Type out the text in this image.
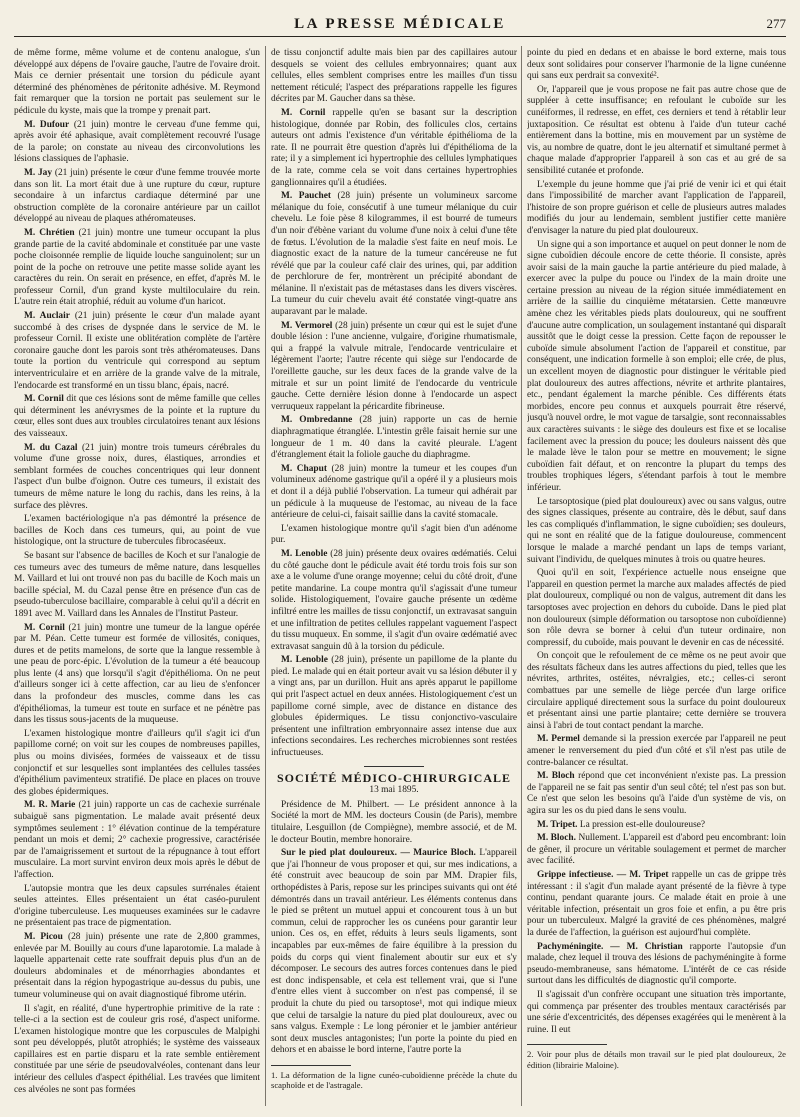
LA PRESSE MÉDICALE	277

de même forme, même volume et de contenu analogue, s'un développé aux dépens de l'ovaire gauche, l'autre de l'ovaire droit. Mais ce dernier présentait une torsion du pédicule ayant déterminé des phénomènes de péritonite adhésive. M. Reymond fait remarquer que la torsion ne portait pas seulement sur le pédicule du kyste, mais que la trompe y prenait part.

M. Dufour (21 juin) montre le cerveau d'une femme qui, après avoir été aphasique, avait complètement recouvré l'usage de la parole; on constate au niveau des circonvolutions les lésions classiques de l'aphasie.

M. Jay (21 juin) présente le cœur d'une femme trouvée morte dans son lit. La mort était due à une rupture du cœur, rupture secondaire à un infarctus cardiaque déterminé par une obstruction complète de la coronaire antérieure par un caillot développé au niveau de plaques athéromateuses.

M. Chrétien (21 juin) montre une tumeur occupant la plus grande partie de la cavité abdominale et constituée par une vaste poche cloisonnée remplie de liquide louche sanguinolent; sur un point de la poche on retrouve une petite masse solide ayant les caractères du rein. On serait en présence, en effet, d'après M. le professeur Cornil, d'un grand kyste multiloculaire du rein. L'autre rein était atrophié, réduit au volume d'un haricot.

M. Auclair (21 juin) présente le cœur d'un malade ayant succombé à des crises de dyspnée dans le service de M. le professeur Cornil. Il existe une oblitération complète de l'artère coronaire gauche dont les parois sont très athéromateuses. Dans toute la portion du ventricule qui correspond au septum interventriculaire et en arrière de la grande valve de la mitrale, l'endocarde est transformé en un tissu blanc, épais, nacré.

M. Cornil dit que ces lésions sont de même famille que celles qui déterminent les anévrysmes de la pointe et la rupture du cœur, elles sont dues aux troubles circulatoires tenant aux lésions des vaisseaux.

M. du Cazal (21 juin) montre trois tumeurs cérébrales du volume d'une grosse noix, dures, élastiques, arrondies et semblant formées de couches concentriques qui leur donnent l'aspect d'un bulbe d'oignon. Outre ces tumeurs, il existait des tumeurs de même nature le long du rachis, dans les reins, à la surface des plèvres.

L'examen bactériologique n'a pas démontré la présence de bacilles de Koch dans ces tumeurs, qui, au point de vue histologique, ont la structure de tubercules fibrocaséeux.

Se basant sur l'absence de bacilles de Koch et sur l'analogie de ces tumeurs avec des tumeurs de même nature, dans lesquelles M. Vaillard et lui ont trouvé non pas du bacille de Koch mais un bacille spécial, M. du Cazal pense être en présence d'un cas de pseudo-tuberculose bacillaire, comparable à celui qu'il a décrit en 1891 avec M. Vaillard dans les Annales de l'Institut Pasteur.

M. Cornil (21 juin) montre une tumeur de la langue opérée par M. Péan. Cette tumeur est formée de villosités, coniques, dures et de petits mamelons, de sorte que la langue ressemble à une peau de porc-épic. L'évolution de la tumeur a été beaucoup plus lente (4 ans) que lorsqu'il s'agit d'épithélioma. On ne peut d'ailleurs songer ici à cette affection, car au lieu de s'enfoncer dans la profondeur des muscles, comme dans les cas d'épithéliomas, la tumeur est toute en surface et ne pénètre pas dans les tissus sous-jacents de la muqueuse.

L'examen histologique montre d'ailleurs qu'il s'agit ici d'un papillome corné; on voit sur les coupes de nombreuses papilles, plus ou moins divisées, formées de vaisseaux et de tissu conjonctif et sur lesquelles sont implantées des cellules tassées d'épithélium pavimenteux stratifié. De place en places on trouve des globes épidermiques.

M. R. Marie (21 juin) rapporte un cas de cachexie surrénale subaiguë sans pigmentation. Le malade avait présenté deux symptômes seulement : 1° élévation continue de la température pendant un mois et demi; 2° cachexie progressive, caractérisée par de l'amaigrissement et surtout de la répugnance à tout effort musculaire. La mort survint environ deux mois après le début de l'affection.

L'autopsie montra que les deux capsules surrénales étaient seules atteintes. Elles présentaient un état caséo-purulent d'origine tuberculeuse. Les muqueuses examinées sur le cadavre ne présentaient pas trace de pigmentation.

M. Picou (28 juin) présente une rate de 2,800 grammes, enlevée par M. Bouilly au cours d'une laparotomie. La malade à laquelle appartenait cette rate souffrait depuis plus d'un an de douleurs abdominales et de ménorrhagies abondantes et présentait dans la région hypogastrique au-dessus du pubis, une tumeur volumineuse qui on avait diagnostiqué fibrome utérin.

Il s'agit, en réalité, d'une hypertrophie primitive de la rate : telle-ci a la section est de couleur gris rosé, d'aspect uniforme. L'examen histologique montre que les corpuscules de Malpighi sont peu développés, plutôt atrophiés; le système des vaisseaux capillaires est en partie disparu et la rate semble entièrement constituée par une série de pseudovalvéoles, contenant dans leur intérieur des cellules d'aspect épithélial. Les travées que limitent ces alvéoles ne sont pas formées

de tissu conjonctif adulte mais bien par des capillaires autour desquels se voient des cellules embryonnaires; quant aux cellules, elles semblent comprises entre les mailles d'un tissu nettement réticulé; l'aspect des préparations rappelle les figures décrites par M. Gaucher dans sa thèse.

M. Cornil rappelle qu'en se basant sur la description histologique, donnée par Robin, des follicules clos, certains auteurs ont admis l'existence d'un véritable épithélioma de la rate. Il ne pourrait être question d'après lui d'épithélioma de la rate; il y a simplement ici hypertrophie des cellules lymphatiques de la rate, comme cela se voit dans certaines hypertrophies ganglionnaires qu'il a étudiées.

M. Pauchet (28 juin) présente un volumineux sarcome mélanique du foie, consécutif à une tumeur mélanique du cuir chevelu. Le foie pèse 8 kilogrammes, il est bourré de tumeurs d'un noir d'ébène variant du volume d'une noix à celui d'une tête de fœtus. L'évolution de la maladie s'est faite en neuf mois. Le diagnostic exact de la nature de la tumeur cancéreuse ne fut révélé que par la couleur café clair des urines, qui, par addition de perchlorure de fer, montrèrent un précipité abondant de mélanine. Il n'existait pas de métastases dans les divers viscères. La tumeur du cuir chevelu avait été constatée vingt-quatre ans auparavant par le malade.

M. Vermorel (28 juin) présente un cœur qui est le sujet d'une double lésion : l'une ancienne, vulgaire, d'origine rhumatismale, qui a frappé la valvule mitrale, l'endocarde ventriculaire et légèrement l'aorte; l'autre récente qui siège sur l'endocarde de l'oreillette gauche, sur les deux faces de la grande valve de la mitrale et sur un point limité de l'endocarde du ventricule gauche. Cette dernière lésion donne à l'endocarde un aspect verruqueux rappelant la péricardite fibrineuse.

M. Ombredanne (28 juin) rapporte un cas de hernie diaphragmatique étranglée. L'intestin grêle faisait hernie sur une longueur de 1 m. 40 dans la cavité pleurale. L'agent d'étranglement était la foliole gauche du diaphragme.

M. Chaput (28 juin) montre la tumeur et les coupes d'un volumineux adénome gastrique qu'il a opéré il y a plusieurs mois et dont il a déjà publié l'observation. La tumeur qui adhérait par un pédicule à la muqueuse de l'estomac, au niveau de la face antérieure de celui-ci, faisait saillie dans la cavité stomacale.

L'examen histologique montre qu'il s'agit bien d'un adénome pur.

M. Lenoble (28 juin) présente deux ovaires œdématiés. Celui du côté gauche dont le pédicule avait été tordu trois fois sur son axe a le volume d'une orange moyenne; celui du côté droit, d'une petite mandarine. La coupe montra qu'il s'agissait d'une tumeur solide. Histologiquement, l'ovaire gauche présente un œdème infiltré entre les mailles de tissu conjonctif, un extravasat sanguin et une infiltration de petites cellules rappelant vaguement l'aspect du tissu muqueux. En somme, il s'agit d'un ovaire œdématié avec extravasat sanguin dû à la torsion du pédicule.

M. Lenoble (28 juin), présente un papillome de la plante du pied. Le malade qui en était porteur avait vu sa lésion débuter il y a vingt ans, par un durillon. Huit ans après apparut le papillome qui prit l'aspect actuel en deux années. Histologiquement c'est un papillome corné simple, avec de distance en distance des globules épidermiques. Le tissu conjonctivo-vasculaire présentent une infiltration embryonnaire assez intense due aux infections secondaires. Les recherches microbiennes sont restées infructueuses.

SOCIÉTÉ MÉDICO-CHIRURGICALE
13 mai 1895.

Présidence de M. Philbert. — Le président annonce à la Société la mort de MM. les docteurs Cousin (de Paris), membre titulaire, Lesguillon (de Compiègne), membre associé, et de M. le docteur Boutin, membre honoraire.

Sur le pied plat douloureux. — Maurice Bloch. L'appareil que j'ai l'honneur de vous proposer et qui, sur mes indications, a été construit avec beaucoup de soin par MM. Drapier fils, orthopédistes à Paris, repose sur les principes suivants qui ont été démontrés dans un travail antérieur. Les éléments contenus dans le pied se prêtent un mutuel appui et concourent tous à un but commun, celui de rapprocher les os cunéens pour garantir leur union. Ces os, en effet, réduits à leurs seuls ligaments, sont incapables par eux-mêmes de faire équilibre à la pression du poids du corps qui vient finalement aboutir sur eux et s'y décomposer. Le secours des autres forces contenues dans le pied est donc indispensable, et cela est tellement vrai, que si l'une d'entre elles vient à succomber on n'est pas compensé, il se produit la chute du pied ou tarsoptose¹, mot qui indique mieux que celui de tarsalgie la nature du pied plat douloureux, avec ou sans valgus. Exemple : Le long péronier et le jambier antérieur sont deux muscles antagonistes; l'un porte la pointe du pied en dehors et en abaisse le bord interne, l'autre porte la

1. La déformation de la ligne cunéo-cuboïdienne précède la chute du scaphoïde et de l'astragale.

pointe du pied en dedans et en abaisse le bord externe, mais tous deux sont solidaires pour conserver l'harmonie de la ligne cunéenne qui sans eux perdrait sa convexité².

Or, l'appareil que je vous propose ne fait pas autre chose que de suppléer à cette insuffisance; en refoulant le cuboïde sur les cunéiformes, il redresse, en effet, ces derniers et tend à rétablir leur juxtaposition. Ce résultat est obtenu à l'aide d'un tuteur caché entièrement dans la bottine, mis en mouvement par un système de vis, au nombre de quatre, dont le jeu alternatif et simultané permet à chaque malade d'approprier l'appareil à son cas et au gré de sa sensibilité cutanée et profonde.

L'exemple du jeune homme que j'ai prié de venir ici et qui était dans l'impossibilité de marcher avant l'application de l'appareil, l'histoire de son propre guérison et celle de plusieurs autres malades modifiés du jour au lendemain, semblent justifier cette manière d'envisager la nature du pied plat douloureux.

Un signe qui a son importance et auquel on peut donner le nom de signe cuboïdien découle encore de cette théorie. Il consiste, après avoir saisi de la main gauche la partie antérieure du pied malade, à exercer avec la pulpe du pouce ou l'index de la main droite une certaine pression au niveau de la région située immédiatement en arrière de la saillie du cinquième métatarsien. Cette manœuvre amène chez les véritables pieds plats douloureux, qui ne souffrent d'aucune autre complication, un soulagement instantané qui disparaît aussitôt que le doigt cesse la pression. Cette façon de repousser le cuboïde simule absolument l'action de l'appareil et constitue, par conséquent, une indication formelle à son emploi; elle crée, de plus, un excellent moyen de diagnostic pour distinguer le véritable pied plat douloureux des autres affections, névrite et arthrite plantaires, etc., pendant également la marche pénible. Ces différents états morbides, encore peu connus et auxquels pourrait être réservé, jusqu'à nouvel ordre, le mot vague de tarsalgie, sont reconnaissables aux caractères suivants : le siège des douleurs est fixe et se localise facilement avec la pression du pouce; les douleurs naissent dès que le malade lève le talon pour se mettre en mouvement; le signe cuboïdien fait défaut, et on rencontre la plupart du temps des troubles trophiques légers, s'étendant parfois à tout le membre inférieur.

Le tarsoptosique (pied plat douloureux) avec ou sans valgus, outre des signes classiques, présente au contraire, dès le début, sauf dans les cas compliqués d'inflammation, le signe cuboïdien; ses douleurs, qui ne sont en réalité que de la fatigue douloureuse, commencent lorsque le malade a marché pendant un laps de temps variant, suivant l'individu, de quelques minutes à trois ou quatre heures.

Quoi qu'il en soit, l'expérience actuelle nous enseigne que l'appareil en question permet la marche aux malades affectés de pied plat douloureux, compliqué ou non de valgus, autrement dit dans les tarsoptoses avec projection en dehors du cuboïde. Dans le pied plat non douloureux (simple déformation ou tarsoptose non cuboïdienne) son rôle devra se borner à celui d'un tuteur ordinaire, non compressif, du cuboïde, mais pouvant le devenir en cas de nécessité.

On conçoit que le refoulement de ce même os ne peut avoir que des résultats fâcheux dans les autres affections du pied, telles que les névrites, arthrites, ostéites, névralgies, etc.; celles-ci seront combattues par une semelle de liège percée d'un large orifice circulaire appliqué directement sous la surface du point douloureux et présentant ainsi une partie plantaire; cette dernière se trouvera ainsi à l'abri de tout contact pendant la marche.

M. Permel demande si la pression exercée par l'appareil ne peut amener le renversement du pied d'un côté et s'il n'est pas utile de contre-balancer ce résultat.

M. Bloch répond que cet inconvénient n'existe pas. La pression de l'appareil ne se fait pas sentir d'un seul côté; tel n'est pas son but. Ce n'est que selon les besoins qu'à l'aide d'un système de vis, on agira sur les os du pied dans le sens voulu.

M. Tripet. La pression est-elle douloureuse?

M. Bloch. Nullement. L'appareil est d'abord peu encombrant: loin de gêner, il procure un véritable soulagement et permet de marcher avec facilité.

Grippe infectieuse. — M. Tripet rappelle un cas de grippe très intéressant : il s'agit d'un malade ayant présenté de la fièvre à type continu, pendant quarante jours. Ce malade était en proie à une véritable infection, présentait un gros foie et enfin, a pu être pris pour un tuberculeux. Malgré la gravité de ces phénomènes, malgré la durée de l'affection, la guérison est aujourd'hui complète.

Pachyméningite. — M. Christian rapporte l'autopsie d'un malade, chez lequel il trouva des lésions de pachyméningite à forme pseudo-membraneuse, sans hématome. L'intérêt de ce cas réside surtout dans les difficultés de diagnostic qu'il comporte.

Il s'agissait d'un confrère occupant une situation très importante, qui commença par présenter des troubles mentaux caractérisés par une série d'excentricités, des dépenses exagérées qui le menèrent à la ruine. Il eut

2. Voir pour plus de détails mon travail sur le pied plat douloureux, 2e édition (librairie Maloine).
